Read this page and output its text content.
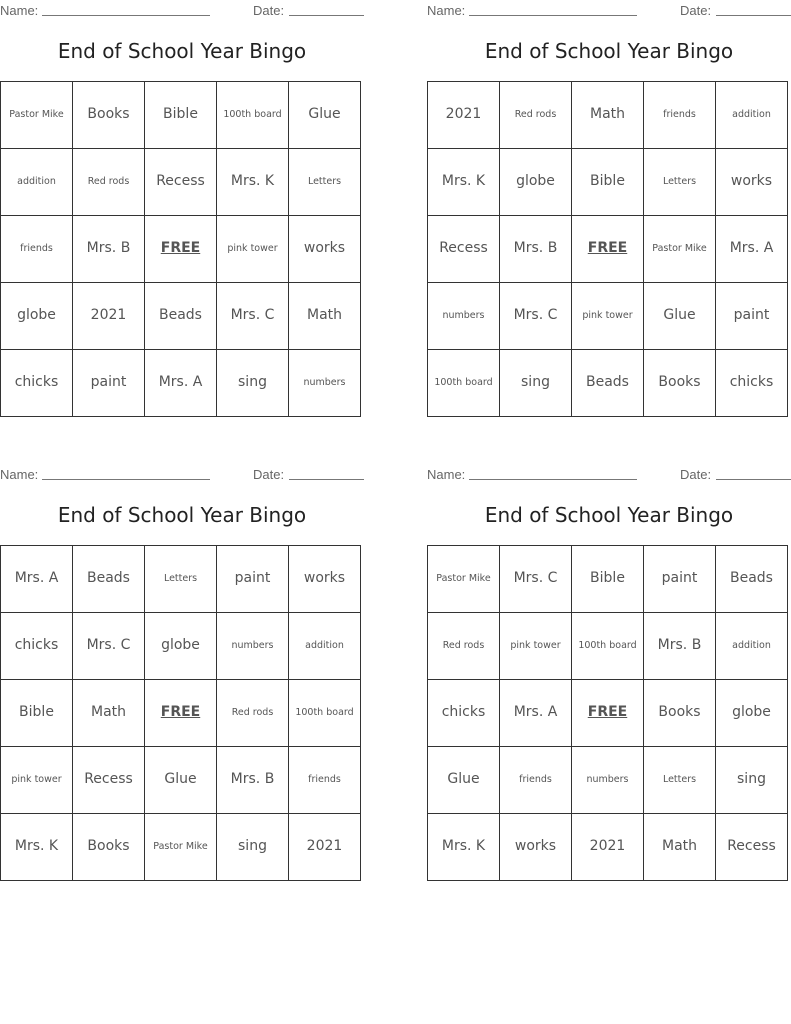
Name:	Date:
End of School Year Bingo
Pastor Mike	Books	Bible	100th board	Glue
addition	Red rods	Recess	Mrs. K	Letters
friends	Mrs. B	FREE	pink tower	works
globe	2021	Beads	Mrs. C	Math
chicks	paint	Mrs. A	sing	numbers
Name:	Date:
End of School Year Bingo
2021	Red rods	Math	friends	addition
Mrs. K	globe	Bible	Letters	works
Recess	Mrs. B	FREE	Pastor Mike	Mrs. A
numbers	Mrs. C	pink tower	Glue	paint
100th board	sing	Beads	Books	chicks
Name:	Date:
End of School Year Bingo
Mrs. A	Beads	Letters	paint	works
chicks	Mrs. C	globe	numbers	addition
Bible	Math	FREE	Red rods	100th board
pink tower	Recess	Glue	Mrs. B	friends
Mrs. K	Books	Pastor Mike	sing	2021
Name:	Date:
End of School Year Bingo
Pastor Mike	Mrs. C	Bible	paint	Beads
Red rods	pink tower	100th board	Mrs. B	addition
chicks	Mrs. A	FREE	Books	globe
Glue	friends	numbers	Letters	sing
Mrs. K	works	2021	Math	Recess
